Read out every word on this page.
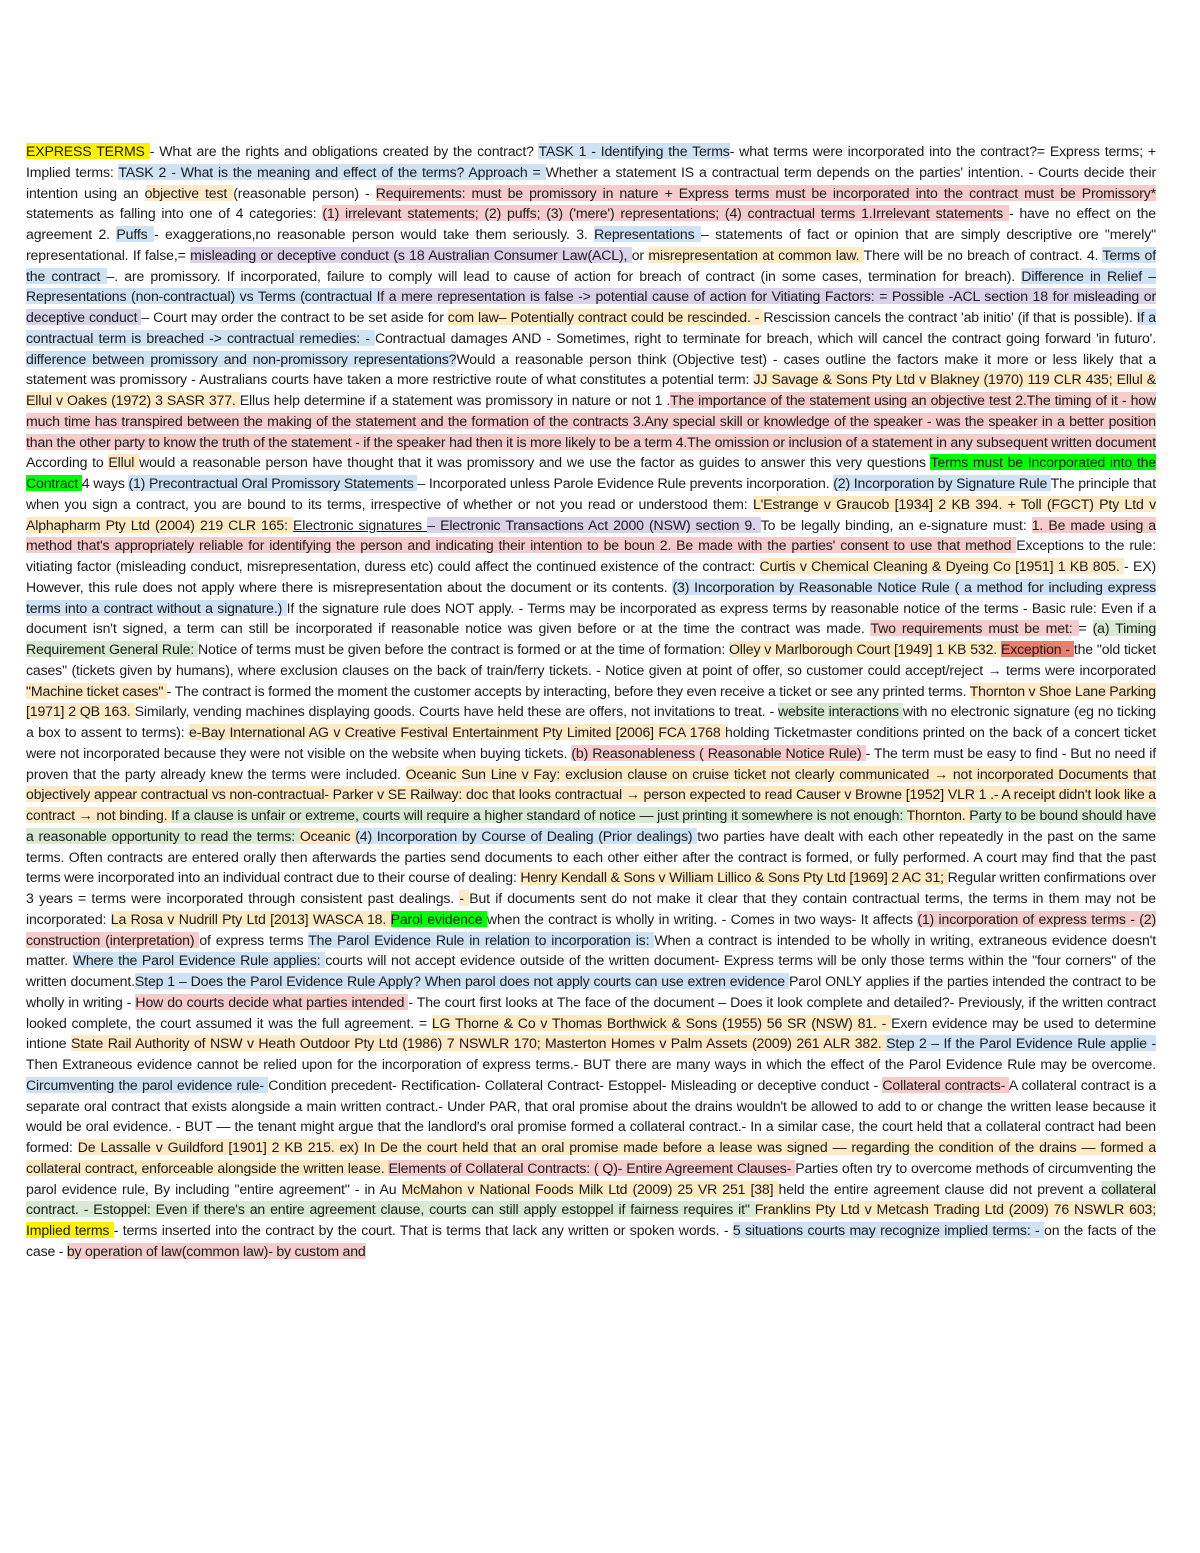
EXPRESS TERMS - What are the rights and obligations created by the contract? TASK 1 - Identifying the Terms- what terms were incorporated into the contract?= Express terms; + Implied terms: TASK 2 - What is the meaning and effect of the terms? Approach = Whether a statement IS a contractual term depends on the parties' intention. - Courts decide their intention using an objective test (reasonable person) - Requirements: must be promissory in nature + Express terms must be incorporated into the contract must be Promissory* statements as falling into one of 4 categories: (1) irrelevant statements; (2) puffs; (3) ('mere') representations; (4) contractual terms 1.Irrelevant statements - have no effect on the agreement 2. Puffs - exaggerations,no reasonable person would take them seriously. 3. Representations – statements of fact or opinion that are simply descriptive ore "merely" representational. If false,= misleading or deceptive conduct (s 18 Australian Consumer Law(ACL), or misrepresentation at common law. There will be no breach of contract. 4. Terms of the contract –. are promissory. If incorporated, failure to comply will lead to cause of action for breach of contract (in some cases, termination for breach). Difference in Relief – Representations (non-contractual) vs Terms (contractual If a mere representation is false -> potential cause of action for Vitiating Factors: = Possible -ACL section 18 for misleading or deceptive conduct – Court may order the contract to be set aside for com law– Potentially contract could be rescinded. - Rescission cancels the contract 'ab initio' (if that is possible). If a contractual term is breached -> contractual remedies: - Contractual damages AND - Sometimes, right to terminate for breach, which will cancel the contract going forward 'in futuro'. difference between promissory and non-promissory representations?Would a reasonable person think (Objective test) - cases outline the factors make it more or less likely that a statement was promissory - Australians courts have taken a more restrictive route of what constitutes a potential term: JJ Savage & Sons Pty Ltd v Blakney (1970) 119 CLR 435; Ellul & Ellul v Oakes (1972) 3 SASR 377. Ellus help determine if a statement was promissory in nature or not 1 .The importance of the statement using an objective test 2.The timing of it - how much time has transpired between the making of the statement and the formation of the contracts 3.Any special skill or knowledge of the speaker - was the speaker in a better position than the other party to know the truth of the statement - if the speaker had then it is more likely to be a term 4.The omission or inclusion of a statement in any subsequent written document According to Ellul would a reasonable person have thought that it was promissory and we use the factor as guides to answer this very questions Terms must be Incorporated into the Contract 4 ways (1) Precontractual Oral Promissory Statements – Incorporated unless Parole Evidence Rule prevents incorporation. (2) Incorporation by Signature Rule The principle that when you sign a contract, you are bound to its terms, irrespective of whether or not you read or understood them: L'Estrange v Graucob [1934] 2 KB 394. + Toll (FGCT) Pty Ltd v Alphapharm Pty Ltd (2004) 219 CLR 165: Electronic signatures – Electronic Transactions Act 2000 (NSW) section 9. To be legally binding, an e-signature must: 1. Be made using a method that's appropriately reliable for identifying the person and indicating their intention to be boun 2. Be made with the parties' consent to use that method Exceptions to the rule: vitiating factor (misleading conduct, misrepresentation, duress etc) could affect the continued existence of the contract: Curtis v Chemical Cleaning & Dyeing Co [1951] 1 KB 805. - EX) However, this rule does not apply where there is misrepresentation about the document or its contents. (3) Incorporation by Reasonable Notice Rule ( a method for including express terms into a contract without a signature.) If the signature rule does NOT apply. - Terms may be incorporated as express terms by reasonable notice of the terms - Basic rule: Even if a document isn't signed, a term can still be incorporated if reasonable notice was given before or at the time the contract was made. Two requirements must be met: = (a) Timing Requirement General Rule: Notice of terms must be given before the contract is formed or at the time of formation: Olley v Marlborough Court [1949] 1 KB 532. Exception - the "old ticket cases" (tickets given by humans), where exclusion clauses on the back of train/ferry tickets. - Notice given at point of offer, so customer could accept/reject → terms were incorporated "Machine ticket cases" - The contract is formed the moment the customer accepts by interacting, before they even receive a ticket or see any printed terms. Thornton v Shoe Lane Parking [1971] 2 QB 163. Similarly, vending machines displaying goods. Courts have held these are offers, not invitations to treat. - website interactions with no electronic signature (eg no ticking a box to assent to terms): e-Bay International AG v Creative Festival Entertainment Pty Limited [2006] FCA 1768 holding Ticketmaster conditions printed on the back of a concert ticket were not incorporated because they were not visible on the website when buying tickets. (b) Reasonableness ( Reasonable Notice Rule) - The term must be easy to find - But no need if proven that the party already knew the terms were included. Oceanic Sun Line v Fay: exclusion clause on cruise ticket not clearly communicated → not incorporated Documents that objectively appear contractual vs non-contractual- Parker v SE Railway: doc that looks contractual → person expected to read Causer v Browne [1952] VLR 1 .- A receipt didn't look like a contract → not binding. If a clause is unfair or extreme, courts will require a higher standard of notice — just printing it somewhere is not enough: Thornton. Party to be bound should have a reasonable opportunity to read the terms: Oceanic (4) Incorporation by Course of Dealing (Prior dealings) two parties have dealt with each other repeatedly in the past on the same terms. Often contracts are entered orally then afterwards the parties send documents to each other either after the contract is formed, or fully performed. A court may find that the past terms were incorporated into an individual contract due to their course of dealing: Henry Kendall & Sons v William Lillico & Sons Pty Ltd [1969] 2 AC 31; Regular written confirmations over 3 years = terms were incorporated through consistent past dealings. - But if documents sent do not make it clear that they contain contractual terms, the terms in them may not be incorporated: La Rosa v Nudrill Pty Ltd [2013] WASCA 18. Parol evidence when the contract is wholly in writing. - Comes in two ways- It affects (1) incorporation of express terms - (2) construction (interpretation) of express terms The Parol Evidence Rule in relation to incorporation is: When a contract is intended to be wholly in writing, extraneous evidence doesn't matter. Where the Parol Evidence Rule applies: courts will not accept evidence outside of the written document- Express terms will be only those terms within the "four corners" of the written document.Step 1 – Does the Parol Evidence Rule Apply? When parol does not apply courts can use extren evidence Parol ONLY applies if the parties intended the contract to be wholly in writing - How do courts decide what parties intended - The court first looks at The face of the document – Does it look complete and detailed?- Previously, if the written contract looked complete, the court assumed it was the full agreement. = LG Thorne & Co v Thomas Borthwick & Sons (1955) 56 SR (NSW) 81. - Exern evidence may be used to determine intione State Rail Authority of NSW v Heath Outdoor Pty Ltd (1986) 7 NSWLR 170; Masterton Homes v Palm Assets (2009) 261 ALR 382. Step 2 – If the Parol Evidence Rule applie - Then Extraneous evidence cannot be relied upon for the incorporation of express terms.- BUT there are many ways in which the effect of the Parol Evidence Rule may be overcome. Circumventing the parol evidence rule- Condition precedent- Rectification- Collateral Contract- Estoppel- Misleading or deceptive conduct - Collateral contracts- A collateral contract is a separate oral contract that exists alongside a main written contract.- Under PAR, that oral promise about the drains wouldn't be allowed to add to or change the written lease because it would be oral evidence. - BUT — the tenant might argue that the landlord's oral promise formed a collateral contract.- In a similar case, the court held that a collateral contract had been formed: De Lassalle v Guildford [1901] 2 KB 215. ex) In De the court held that an oral promise made before a lease was signed — regarding the condition of the drains — formed a collateral contract, enforceable alongside the written lease. Elements of Collateral Contracts: ( Q)- Entire Agreement Clauses- Parties often try to overcome methods of circumventing the parol evidence rule, By including "entire agreement" - in Au McMahon v National Foods Milk Ltd (2009) 25 VR 251 [38] held the entire agreement clause did not prevent a collateral contract. - Estoppel: Even if there's an entire agreement clause, courts can still apply estoppel if fairness requires it" Franklins Pty Ltd v Metcash Trading Ltd (2009) 76 NSWLR 603; Implied terms - terms inserted into the contract by the court. That is terms that lack any written or spoken words. - 5 situations courts may recognize implied terms: - on the facts of the case - by operation of law(common law)- by custom and
